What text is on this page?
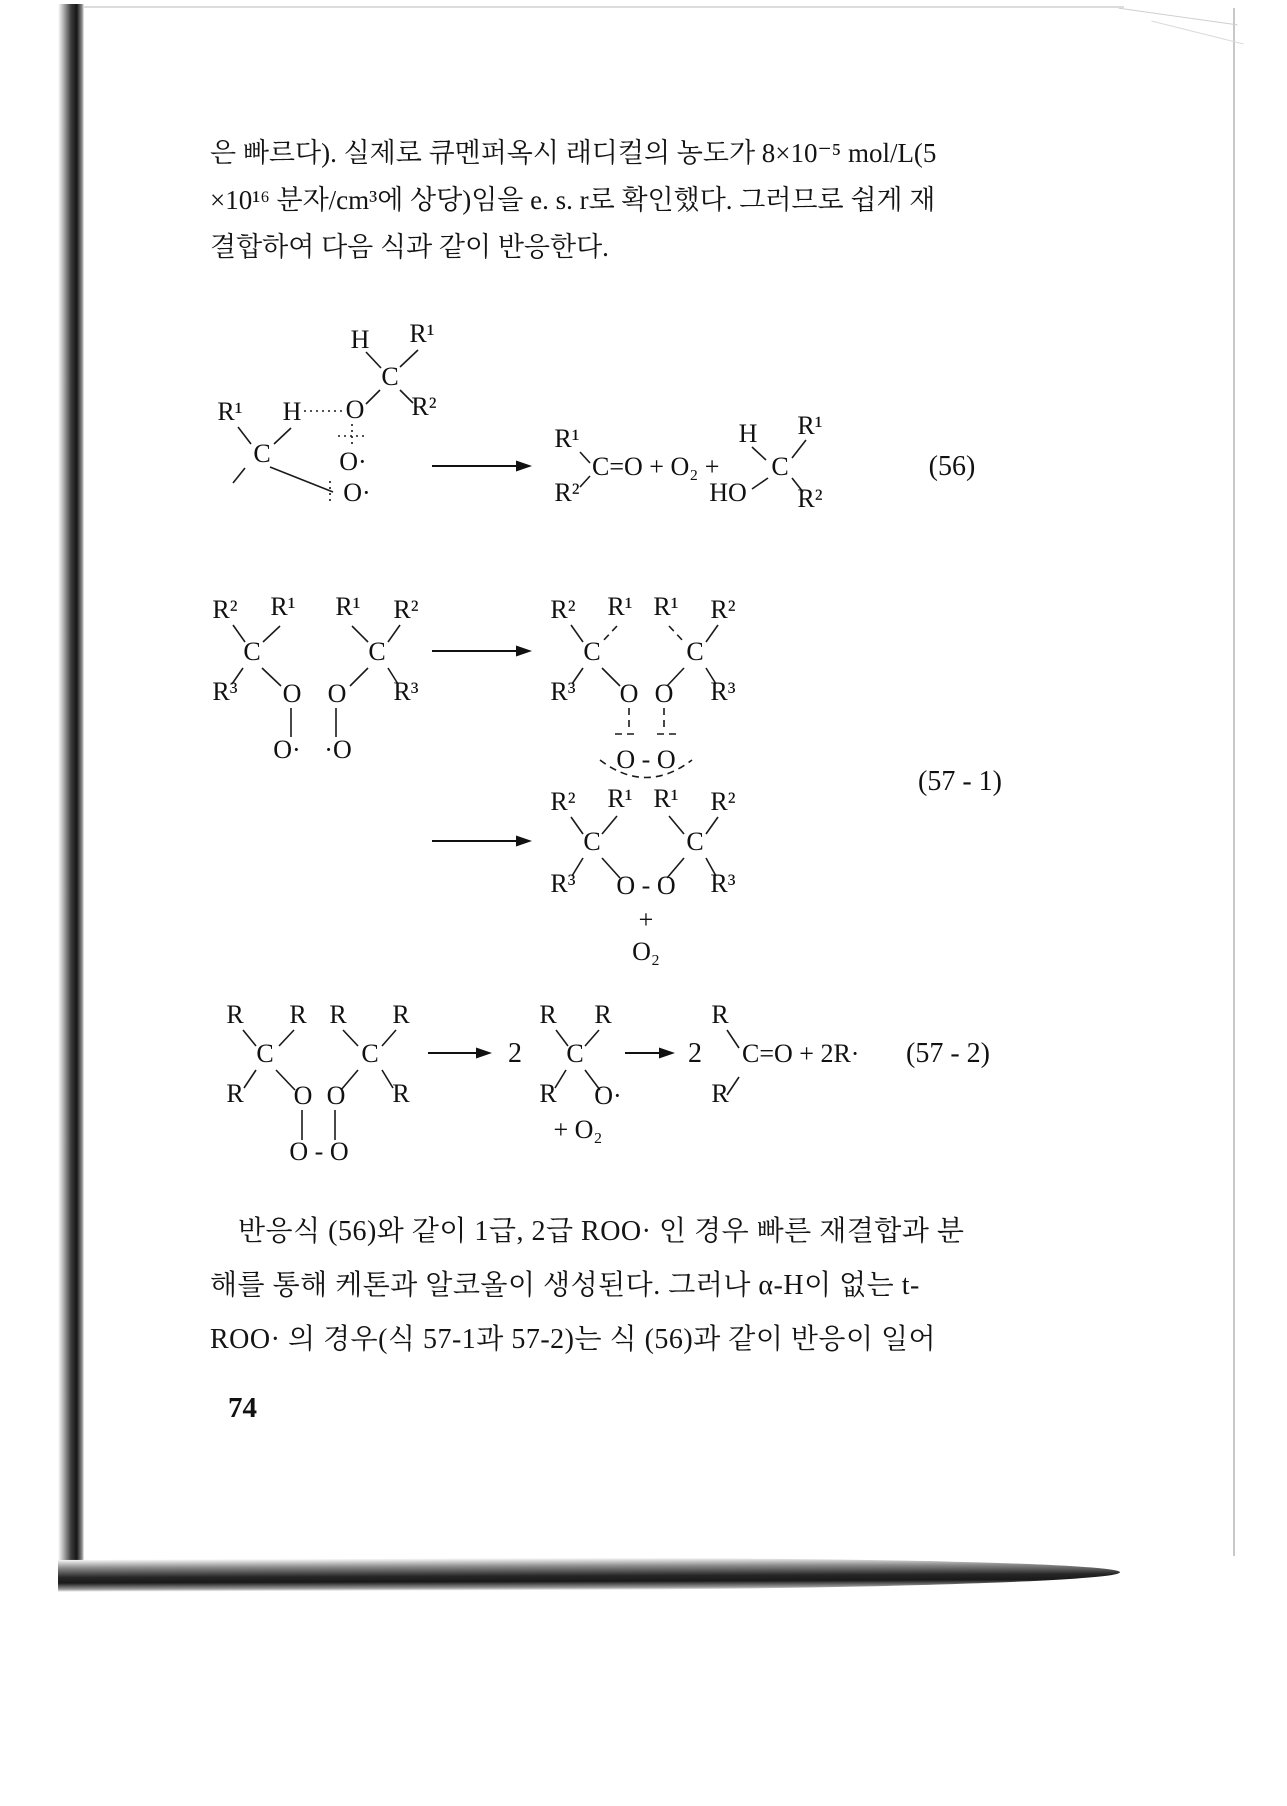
은 빠르다). 실제로 큐멘퍼옥시 래디컬의 농도가 8×10⁻⁵ mol/L(5
×10¹⁶ 분자/cm³에 상당)임을 e. s. r로 확인했다. 그러므로 쉽게 재
결합하여 다음 식과 같이 반응한다.
H R¹
C
R²
O
R¹ H
C	O·
O·
R¹
R²
C=O + O₂ +
H R¹
C
HO R²
(56)
R² R¹ R¹ R²
C	C
R³ O O R³
O· ·O
R² R¹ R¹ R²
C	C
R³ O O R³
O - O
(57 - 1)
R² R¹ R¹ R²
C	C
R³ O - O R³
+
O₂
R R R R
C	C
R O O R
O - O
2
R R
C
R O·
+ O₂
2
R
C=O + 2R·
R
(57 - 2)
반응식 (56)와 같이 1급, 2급 ROO· 인 경우 빠른 재결합과 분
해를 통해 케톤과 알코올이 생성된다. 그러나 α-H이 없는 t-
ROO· 의 경우(식 57-1과 57-2)는 식 (56)과 같이 반응이 일어
74
